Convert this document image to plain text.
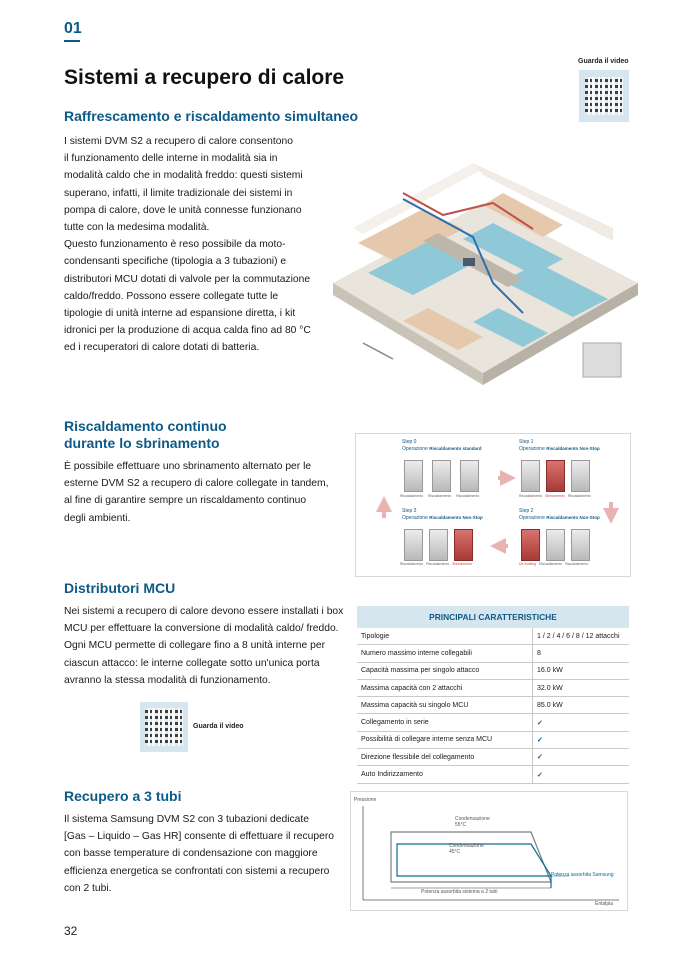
01
Sistemi a recupero di calore
Guarda il video
Raffrescamento e riscaldamento simultaneo
I sistemi DVM S2 a recupero di calore consentono
il funzionamento delle interne in modalità sia in
modalità caldo che in modalità freddo: questi sistemi
superano, infatti, il limite tradizionale dei sistemi in
pompa di calore, dove le unità connesse funzionano
tutte con la medesima modalità.
Questo funzionamento è reso possibile da moto-
condensanti specifiche (tipologia a 3 tubazioni) e
distributori MCU dotati di valvole per la commutazione
caldo/freddo. Possono essere collegate tutte le
tipologie di unità interne ad espansione diretta, i kit
idronici per la produzione di acqua calda fino ad 80 °C
ed i recuperatori di calore dotati di batteria.
Riscaldamento continuo
durante lo sbrinamento
È possibile effettuare uno sbrinamento alternato per le
esterne DVM S2 a recupero di calore collegate in tandem,
al fine di garantire sempre un riscaldamento continuo
degli ambienti.
Step 0
Operazione Riscaldamento standard
Riscaldamento Riscaldamento Riscaldamento
Step 1
Operazione Riscaldamento Non-Stop
Riscaldamento Sbrinamento Riscaldamento
Step 3
Operazione Riscaldamento Non-Stop
Riscaldamento Riscaldamento Sbrinamento
Step 2
Operazione Riscaldamento Non-Stop
De-frosting Riscaldamento Riscaldamento
Distributori MCU
Nei sistemi a recupero di calore devono essere installati i box
MCU per effettuare la conversione di modalità caldo/ freddo.
Ogni MCU permette di collegare fino a 8 unità interne per
ciascun attacco: le interne collegate sotto un'unica porta
avranno la stessa modalità di funzionamento.
Guarda il video
PRINCIPALI CARATTERISTICHE
Tipologie	1 / 2 / 4 / 6 / 8 / 12 attacchi
Numero massimo interne collegabili	8
Capacità massima per singolo attacco	16.0 kW
Massima capacità con 2 attacchi	32.0 kW
Massima capacità su singolo MCU	85.0 kW
Collegamento in serie	✓
Possibilità di collegare interne senza MCU	✓
Direzione flessibile del collegamento	✓
Auto Indirizzamento	✓
Recupero a 3 tubi
Il sistema Samsung DVM S2 con 3 tubazioni dedicate
[Gas – Liquido – Gas HR] consente di effettuare il recupero
con basse temperature di condensazione con maggiore
efficienza energetica se confrontati con sistemi a recupero
con 2 tubi.
Pressione
Entalpia
Condensazione
55°C
Condensazione
45°C
Potenza assorbita Samsung
Potenza assorbita sistema a 2 tubi
32
